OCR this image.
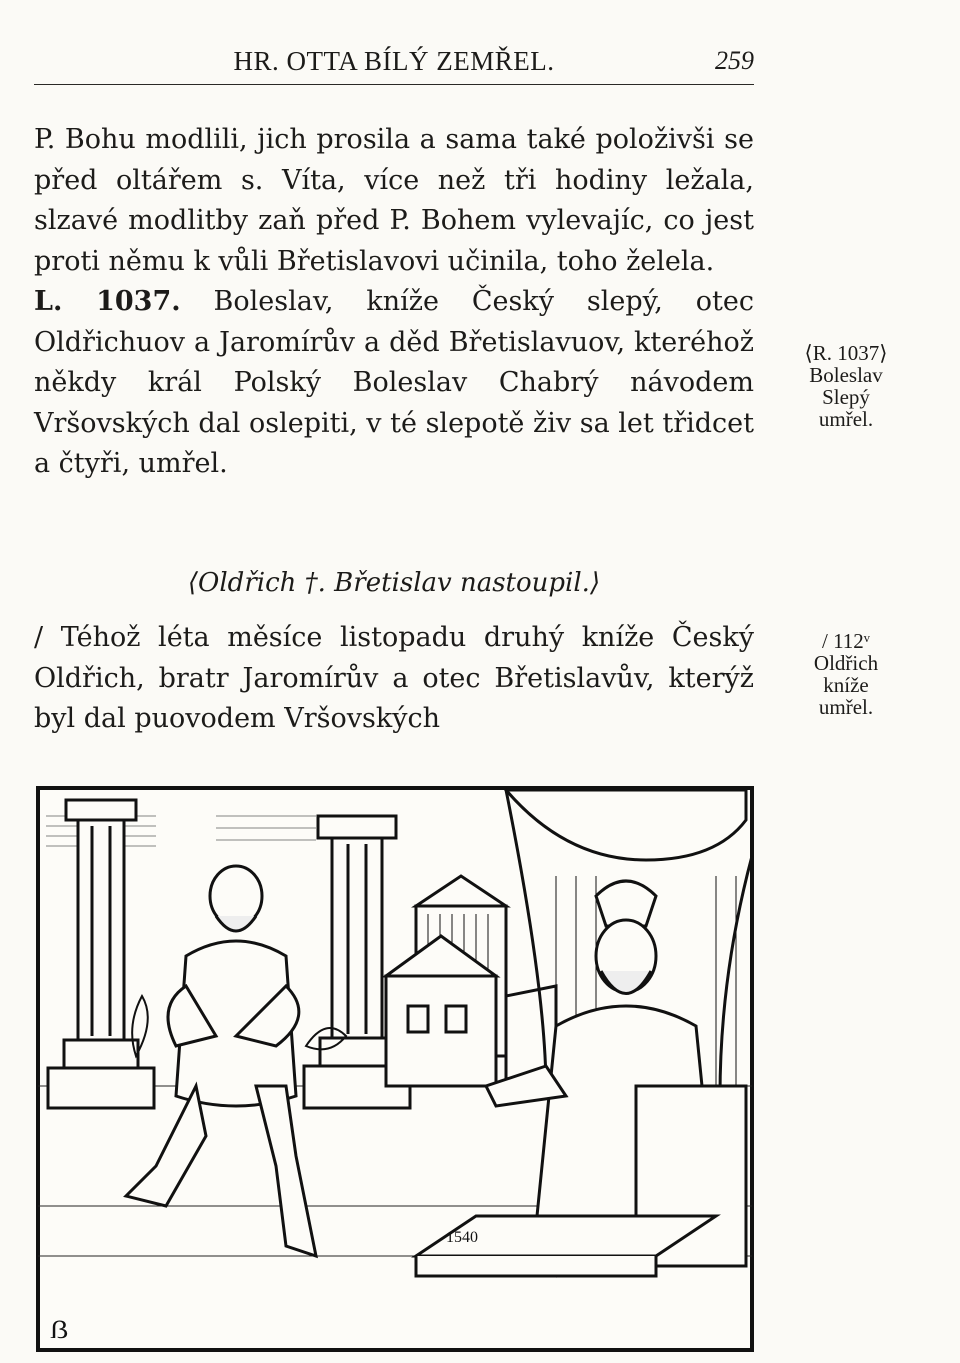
HR. OTTA BÍLÝ ZEMŘEL.	259

P. Bohu modlili, jich prosila a sama také položivši se před oltářem s. Víta, více než tři hodiny ležala, slzavé modlitby zaň před P. Bohem vylevajíc, co jest proti němu k vůli Břetislavovi učinila, toho želela.

L. 1037. Boleslav, kníže Český slepý, otec Oldřichuov a Jaromírův a děd Břetislavuov, kteréhož někdy král Polský Boleslav Chabrý návodem Vršovských dal oslepiti, v té slepotě živ sa let třidcet a čtyři, umřel.

⟨R. 1037⟩
Boleslav
Slepý
umřel.
⟨Oldřich †. Břetislav nastoupil.⟩

/ Téhož léta měsíce listopadu druhý kníže Český Oldřich, bratr Jaromírův a otec Břetislavův, kterýž byl dal puovodem Vršovských

/ 112ᵛ
Oldřich
kníže
umřel.
1540
ẞ
